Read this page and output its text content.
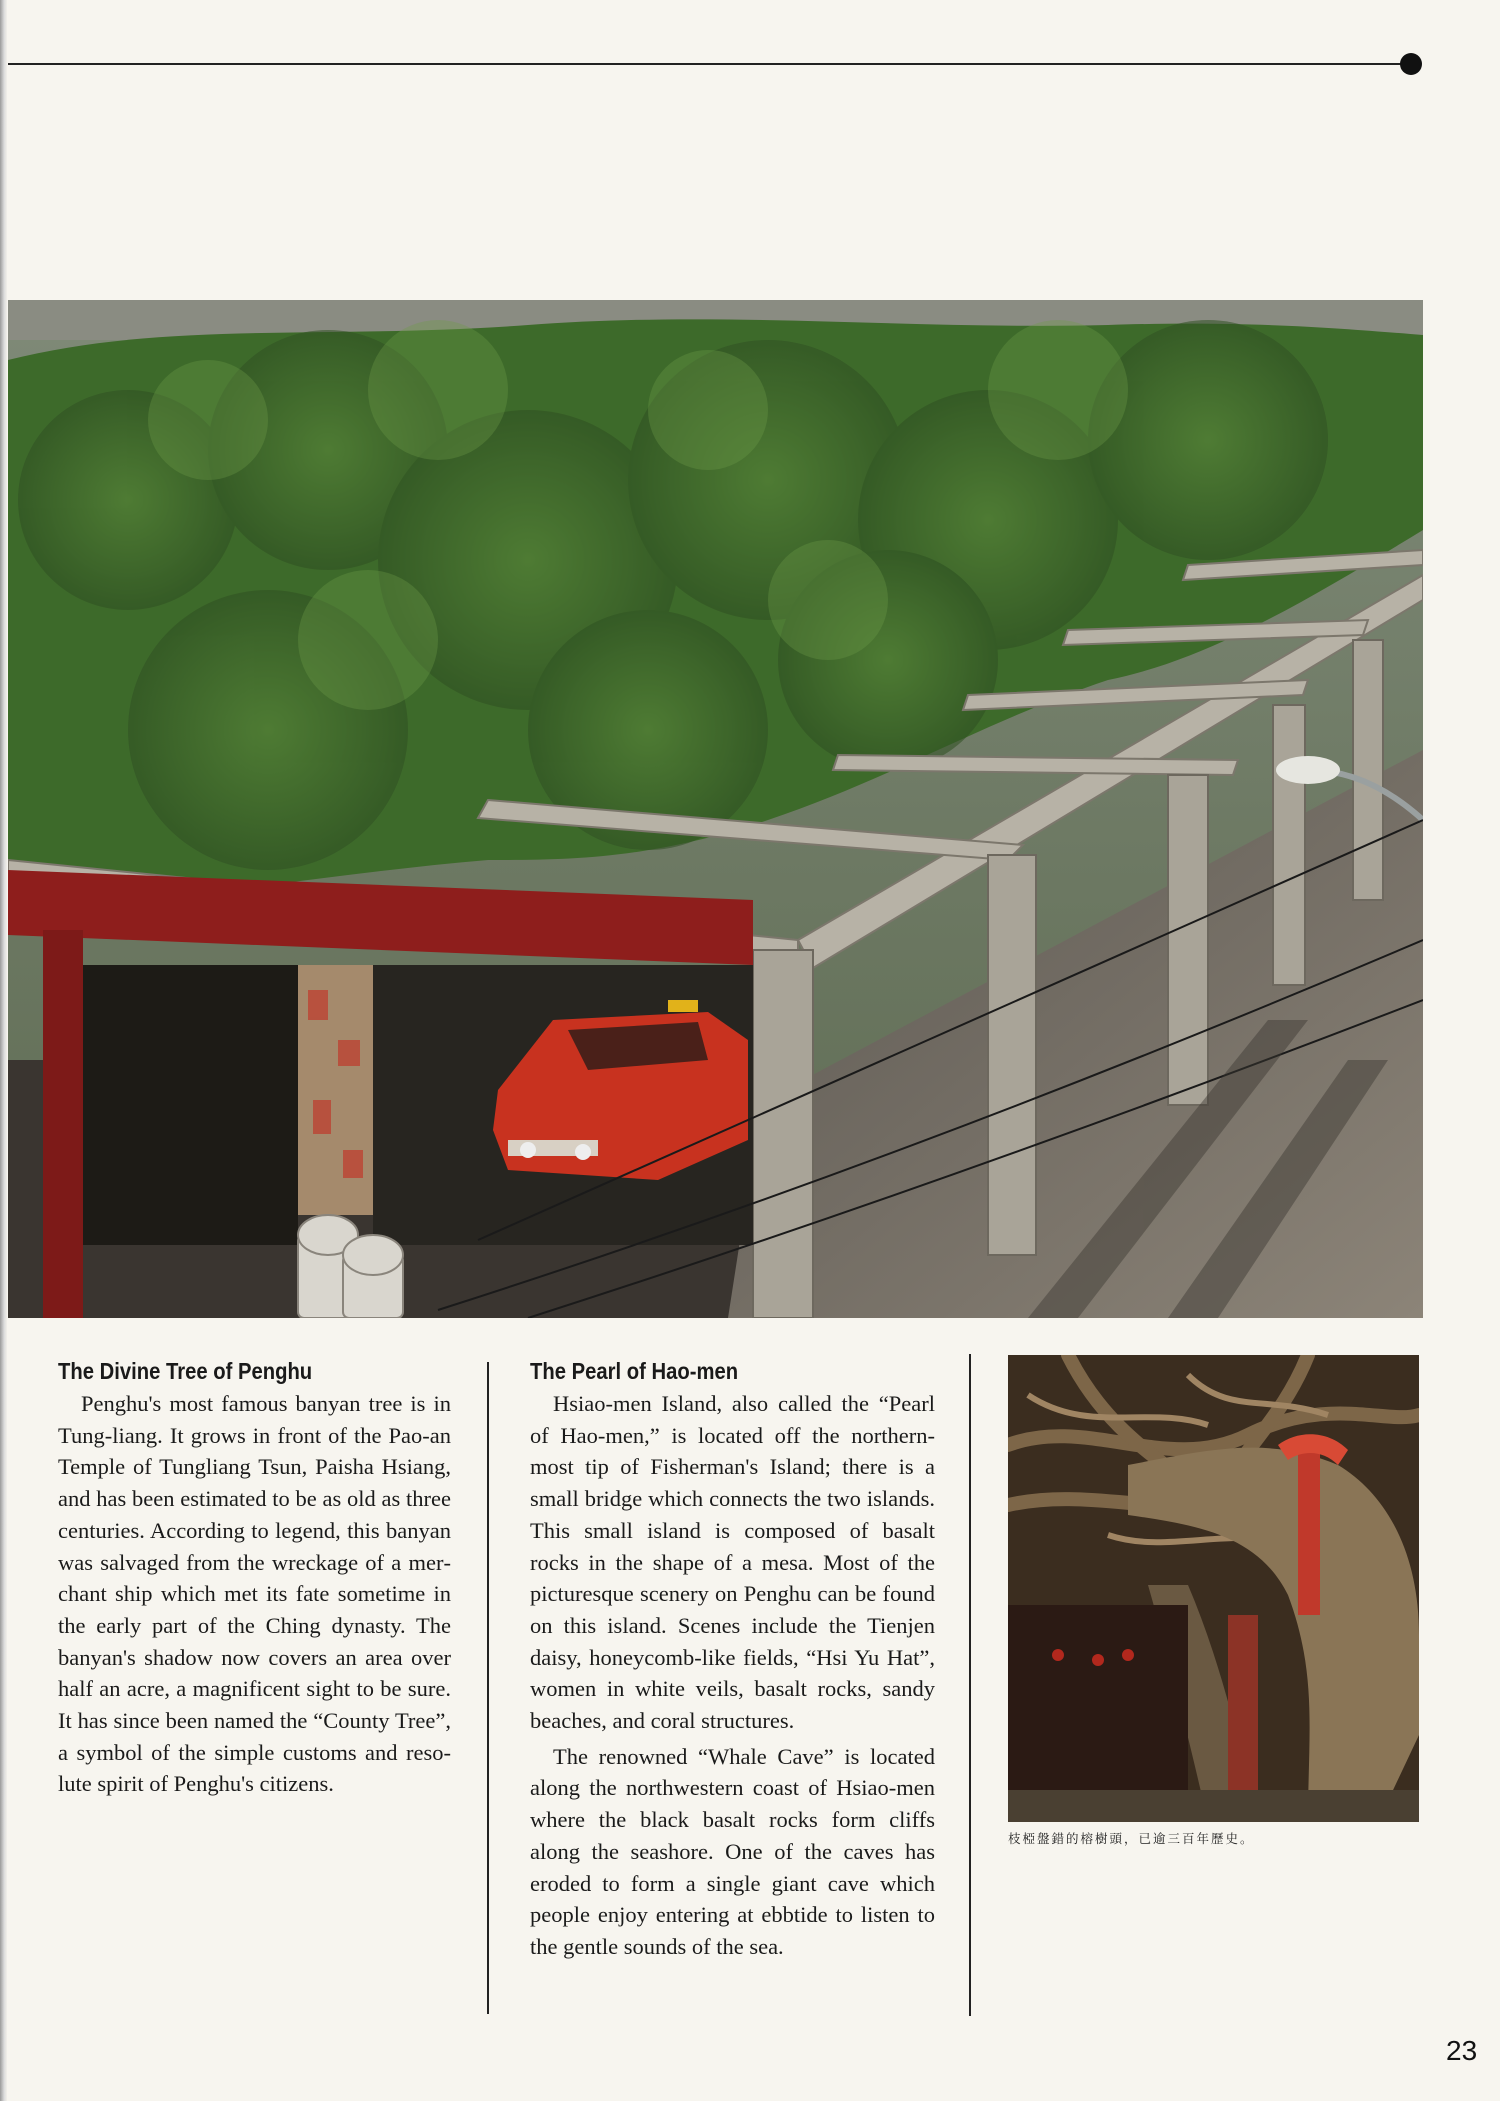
The Divine Tree of Penghu

Penghu's most famous banyan tree is in Tung-liang. It grows in front of the Pao-an Temple of Tungliang Tsun, Paisha Hsiang, and has been estimated to be as old as three centuries. According to legend, this banyan was salvaged from the wreckage of a merchant ship which met its fate sometime in the early part of the Ching dynasty. The banyan's shadow now covers an area over half an acre, a magnificent sight to be sure. It has since been named the “County Tree”, a symbol of the simple customs and resolute spirit of Penghu's citizens.

The Pearl of Hao-men

Hsiao-men Island, also called the “Pearl of Hao-men,” is located off the northernmost tip of Fisherman's Island; there is a small bridge which connects the two islands. This small island is composed of basalt rocks in the shape of a mesa. Most of the picturesque scenery on Penghu can be found on this island. Scenes include the Tienjen daisy, honeycomb-like fields, “Hsi Yu Hat”, women in white veils, basalt rocks, sandy beaches, and coral structures.

The renowned “Whale Cave” is located along the northwestern coast of Hsiao-men where the black basalt rocks form cliffs along the seashore. One of the caves has eroded to form a single giant cave which people enjoy entering at ebbtide to listen to the gentle sounds of the sea.

枝椏盤錯的榕樹頭，已逾三百年歷史。
23
